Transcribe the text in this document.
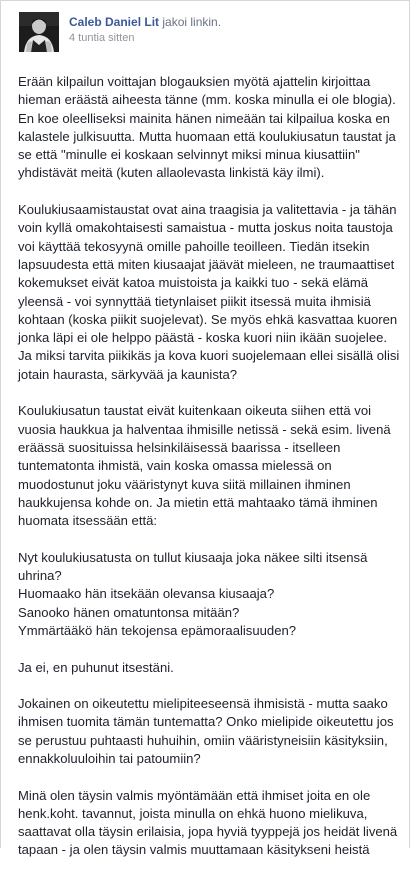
Caleb Daniel Lit jakoi linkin.
4 tuntia sitten
Erään kilpailun voittajan blogauksien myötä ajattelin kirjoittaa
hieman eräästä aiheesta tänne (mm. koska minulla ei ole blogia).
En koe oleelliseksi mainita hänen nimeään tai kilpailua koska en
kalastele julkisuutta. Mutta huomaan että koulukiusatun taustat ja
se että "minulle ei koskaan selvinnyt miksi minua kiusattiin"
yhdistävät meitä (kuten allaolevasta linkistä käy ilmi).
Koulukiusaamistaustat ovat aina traagisia ja valitettavia - ja tähän
voin kyllä omakohtaisesti samaistua - mutta joskus noita taustoja
voi käyttää tekosyynä omille pahoille teoilleen. Tiedän itsekin
lapsuudesta että miten kiusaajat jäävät mieleen, ne traumaattiset
kokemukset eivät katoa muistoista ja kaikki tuo - sekä elämä
yleensä - voi synnyttää tietynlaiset piikit itsessä muita ihmisiä
kohtaan (koska piikit suojelevat). Se myös ehkä kasvattaa kuoren
jonka läpi ei ole helppo päästä - koska kuori niin ikään suojelee.
Ja miksi tarvita piikikäs ja kova kuori suojelemaan ellei sisällä olisi
jotain haurasta, särkyvää ja kaunista?
Koulukiusatun taustat eivät kuitenkaan oikeuta siihen että voi
vuosia haukkua ja halventaa ihmisille netissä - sekä esim. livenä
eräässä suosituissa helsinkiläisessä baarissa - itselleen
tuntematonta ihmistä, vain koska omassa mielessä on
muodostunut joku vääristynyt kuva siitä millainen ihminen
haukkujensa kohde on. Ja mietin että mahtaako tämä ihminen
huomata itsessään että:
Nyt koulukiusatusta on tullut kiusaaja joka näkee silti itsensä
uhrina?
Huomaako hän itsekään olevansa kiusaaja?
Sanooko hänen omatuntonsa mitään?
Ymmärtääkö hän tekojensa epämoraalisuuden?
Ja ei, en puhunut itsestäni.
Jokainen on oikeutettu mielipiteeseensä ihmisistä - mutta saako
ihmisen tuomita tämän tuntematta? Onko mielipide oikeutettu jos
se perustuu puhtaasti huhuihin, omiin vääristyneisiin käsityksiin,
ennakkoluuloihin tai patoumiin?
Minä olen täysin valmis myöntämään että ihmiset joita en ole
henk.koht. tavannut, joista minulla on ehkä huono mielikuva,
saattavat olla täysin erilaisia, jopa hyviä tyyppejä jos heidät livenä
tapaan - ja olen täysin valmis muuttamaan käsitykseni heistä
